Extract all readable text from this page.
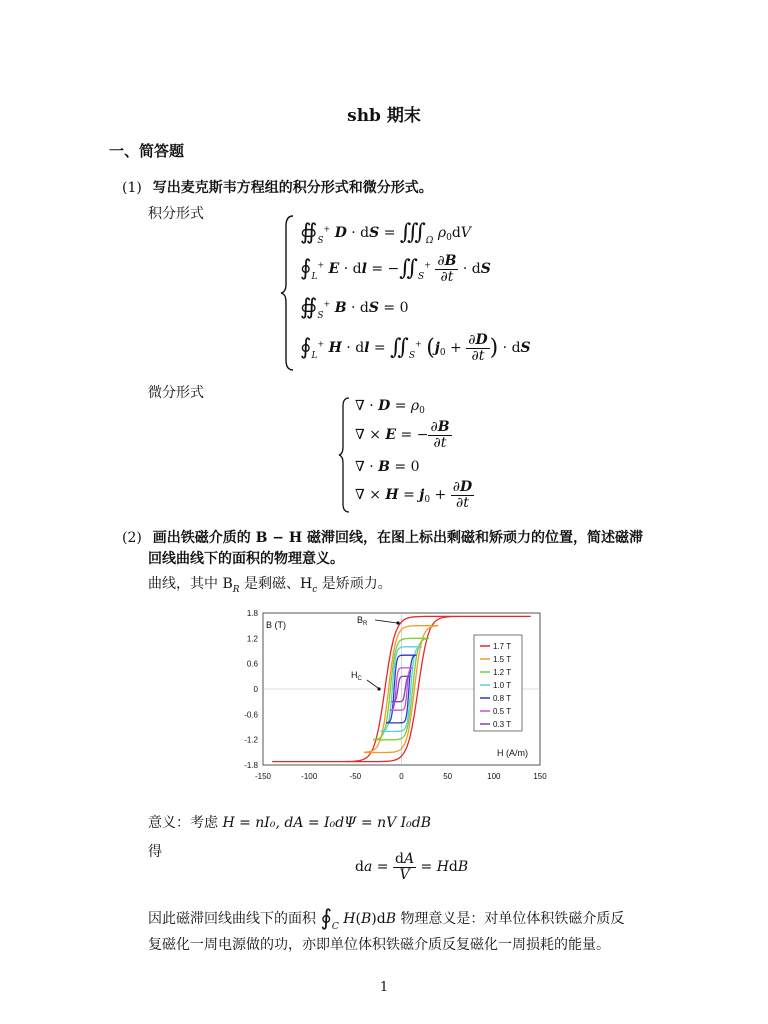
shb 期末
一、简答题
(1) 写出麦克斯韦方程组的积分形式和微分形式。
积分形式
$∯_S^+$ D · dS = $∭_\Omega$ $\rho_0dV$
$∮_L^+$ E · dl = $-∬_S^+ \frac{\partial B}{\partial t}$ · dS
$∯_S^+$ B · dS = 0
$∮_L^+$ H · dl = $∬_S^+$ ($j_0 + \frac{\partial D}{\partial t}$ ) · dS
微分形式
∇ · $D = \rho_0$
∇ × E = − $\frac{\partial B}{\partial t}$
∇ · B = 0
∇ × $H = j_0 + \frac{\partial D}{\partial t}$
(2) 画出铁磁介质的 B − H 磁滞回线，在图上标出剩磁和矫顽力的位置，简述磁滞
回线曲线下的面积的物理意义。
曲线，其中 $B_R$ 是剩磁、$H_c$ 是矫顽力。
-150	-100	-50	0	50	100	150
1.8
1.2
0.6
0
-0.6
-1.2
-1.8
B (T)
H (A/m)
$B_R$
$H_C$
1.7 T
1.5 T
1.2 T
1.0 T
0.8 T
0.5 T
0.3 T
意义：考虑 H = nI₀, dA = I₀dΨ = nV I₀dB
得
da = $\frac{dA}{V}$ = HdB
因此磁滞回线曲线下的面积 $∮_C$ H(B)dB 物理意义是：对单位体积铁磁介质反
复磁化一周电源做的功，亦即单位体积铁磁介质反复磁化一周损耗的能量。
1
